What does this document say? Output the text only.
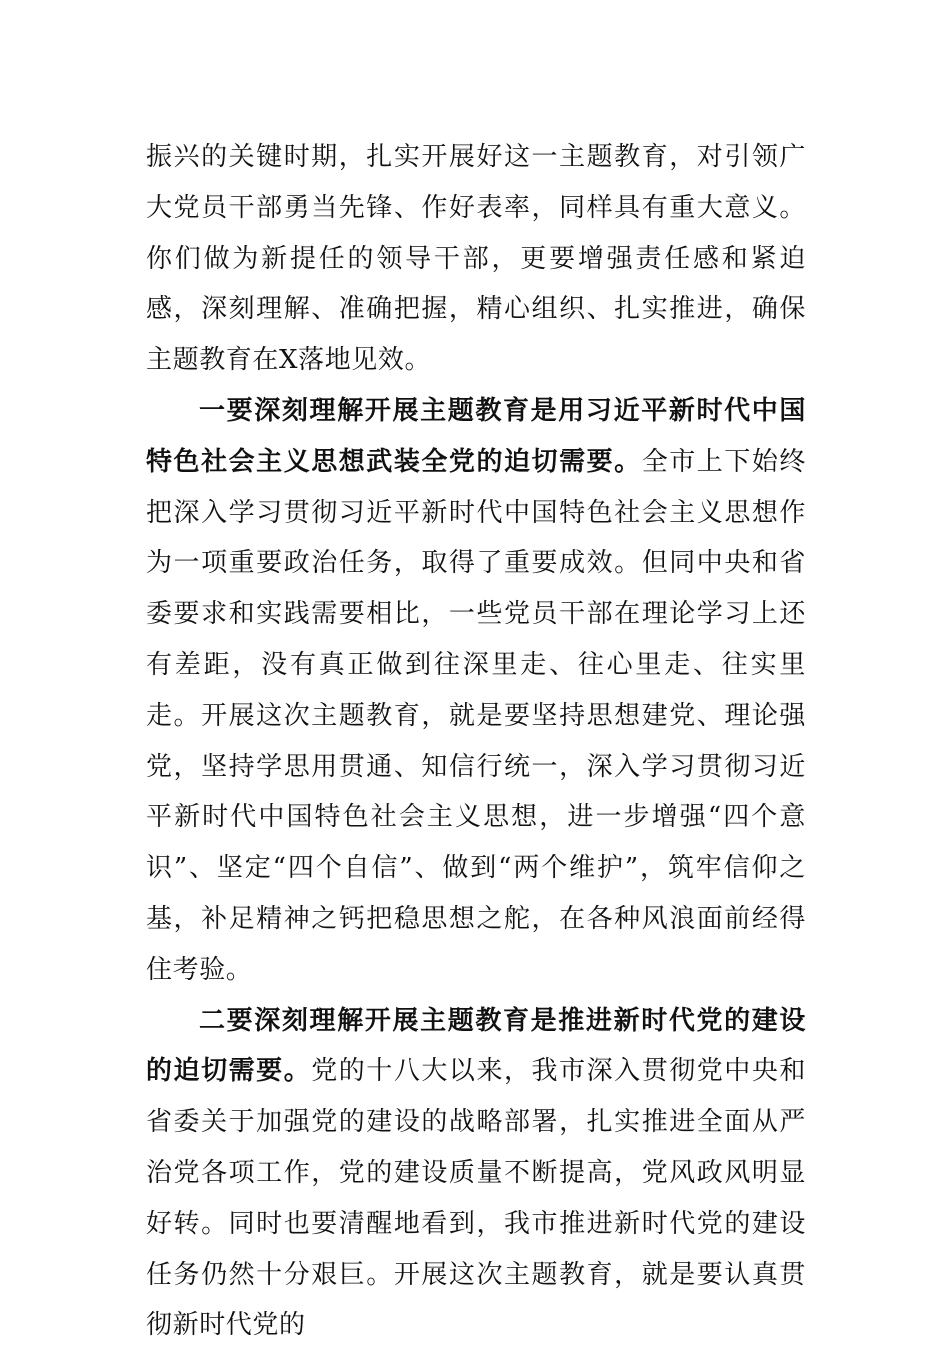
振兴的关键时期，扎实开展好这一主题教育，对引领广大党员干部勇当先锋、作好表率，同样具有重大意义。你们做为新提任的领导干部，更要增强责任感和紧迫感，深刻理解、准确把握，精心组织、扎实推进，确保主题教育在X落地见效。

一要深刻理解开展主题教育是用习近平新时代中国特色社会主义思想武装全党的迫切需要。全市上下始终把深入学习贯彻习近平新时代中国特色社会主义思想作为一项重要政治任务，取得了重要成效。但同中央和省委要求和实践需要相比，一些党员干部在理论学习上还有差距，没有真正做到往深里走、往心里走、往实里走。开展这次主题教育，就是要坚持思想建党、理论强党，坚持学思用贯通、知信行统一，深入学习贯彻习近平新时代中国特色社会主义思想，进一步增强“四个意识”、坚定“四个自信”、做到“两个维护”，筑牢信仰之基，补足精神之钙把稳思想之舵，在各种风浪面前经得住考验。

二要深刻理解开展主题教育是推进新时代党的建设的迫切需要。党的十八大以来，我市深入贯彻党中央和省委关于加强党的建设的战略部署，扎实推进全面从严治党各项工作，党的建设质量不断提高，党风政风明显好转。同时也要清醒地看到，我市推进新时代党的建设任务仍然十分艰巨。开展这次主题教育，就是要认真贯彻新时代党的
